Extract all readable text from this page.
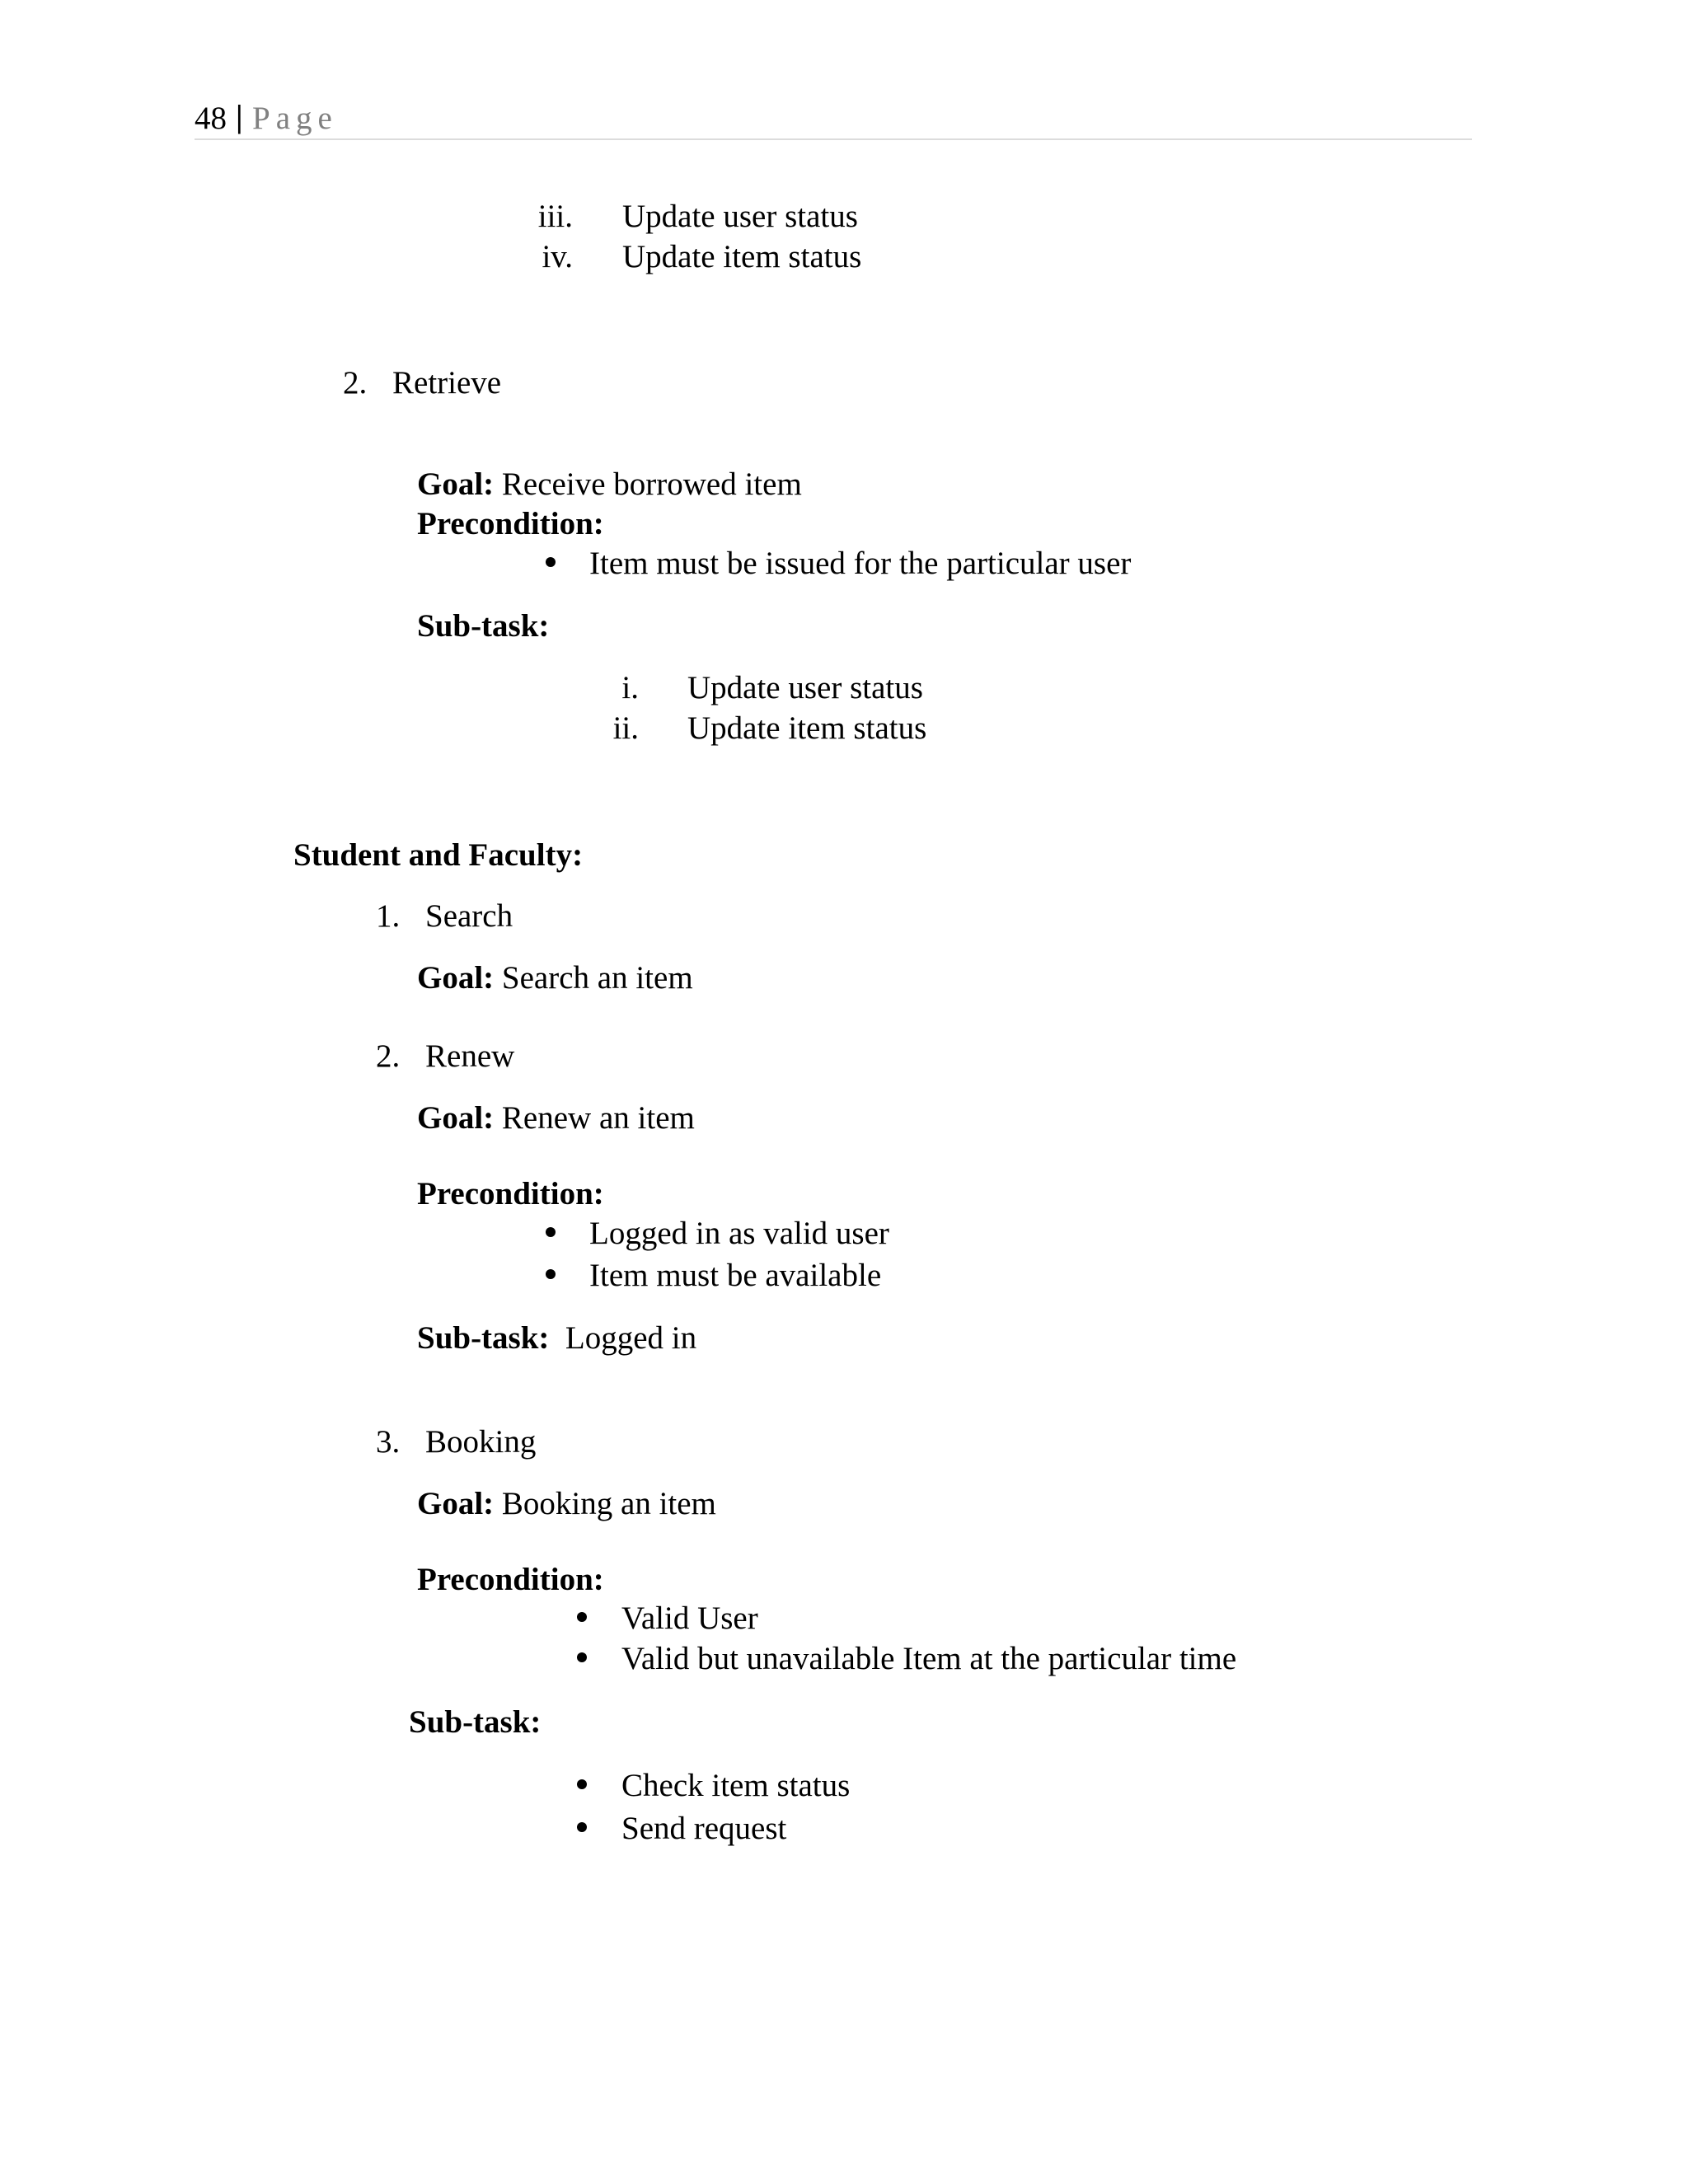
48 | Page
iii. Update user status
iv. Update item status
2. Retrieve
Goal: Receive borrowed item
Precondition:
Item must be issued for the particular user
Sub-task:
i. Update user status
ii. Update item status
Student and Faculty:
1. Search
Goal: Search an item
2. Renew
Goal: Renew an item
Precondition:
Logged in as valid user
Item must be available
Sub-task: Logged in
3. Booking
Goal: Booking an item
Precondition:
Valid User
Valid but unavailable Item at the particular time
Sub-task:
Check item status
Send request
